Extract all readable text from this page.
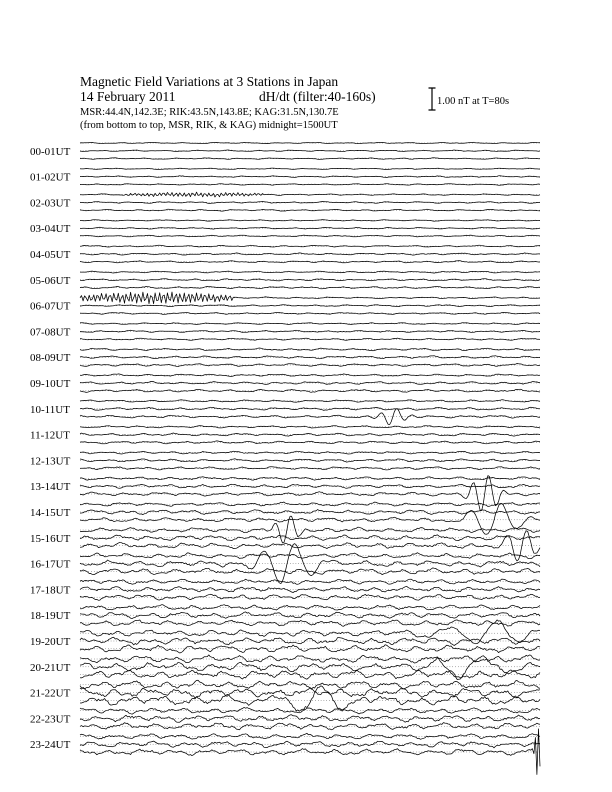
Magnetic Field Variations at 3 Stations in Japan
14 February 2011	dH/dt (filter:40-160s)
MSR:44.4N,142.3E; RIK:43.5N,143.8E; KAG:31.5N,130.7E
(from bottom to top, MSR, RIK, & KAG) midnight=1500UT
1.00 nT at T=80s
00-01UT
01-02UT
02-03UT
03-04UT
04-05UT
05-06UT
06-07UT
07-08UT
08-09UT
09-10UT
10-11UT
11-12UT
12-13UT
13-14UT
14-15UT
15-16UT
16-17UT
17-18UT
18-19UT
19-20UT
20-21UT
21-22UT
22-23UT
23-24UT
